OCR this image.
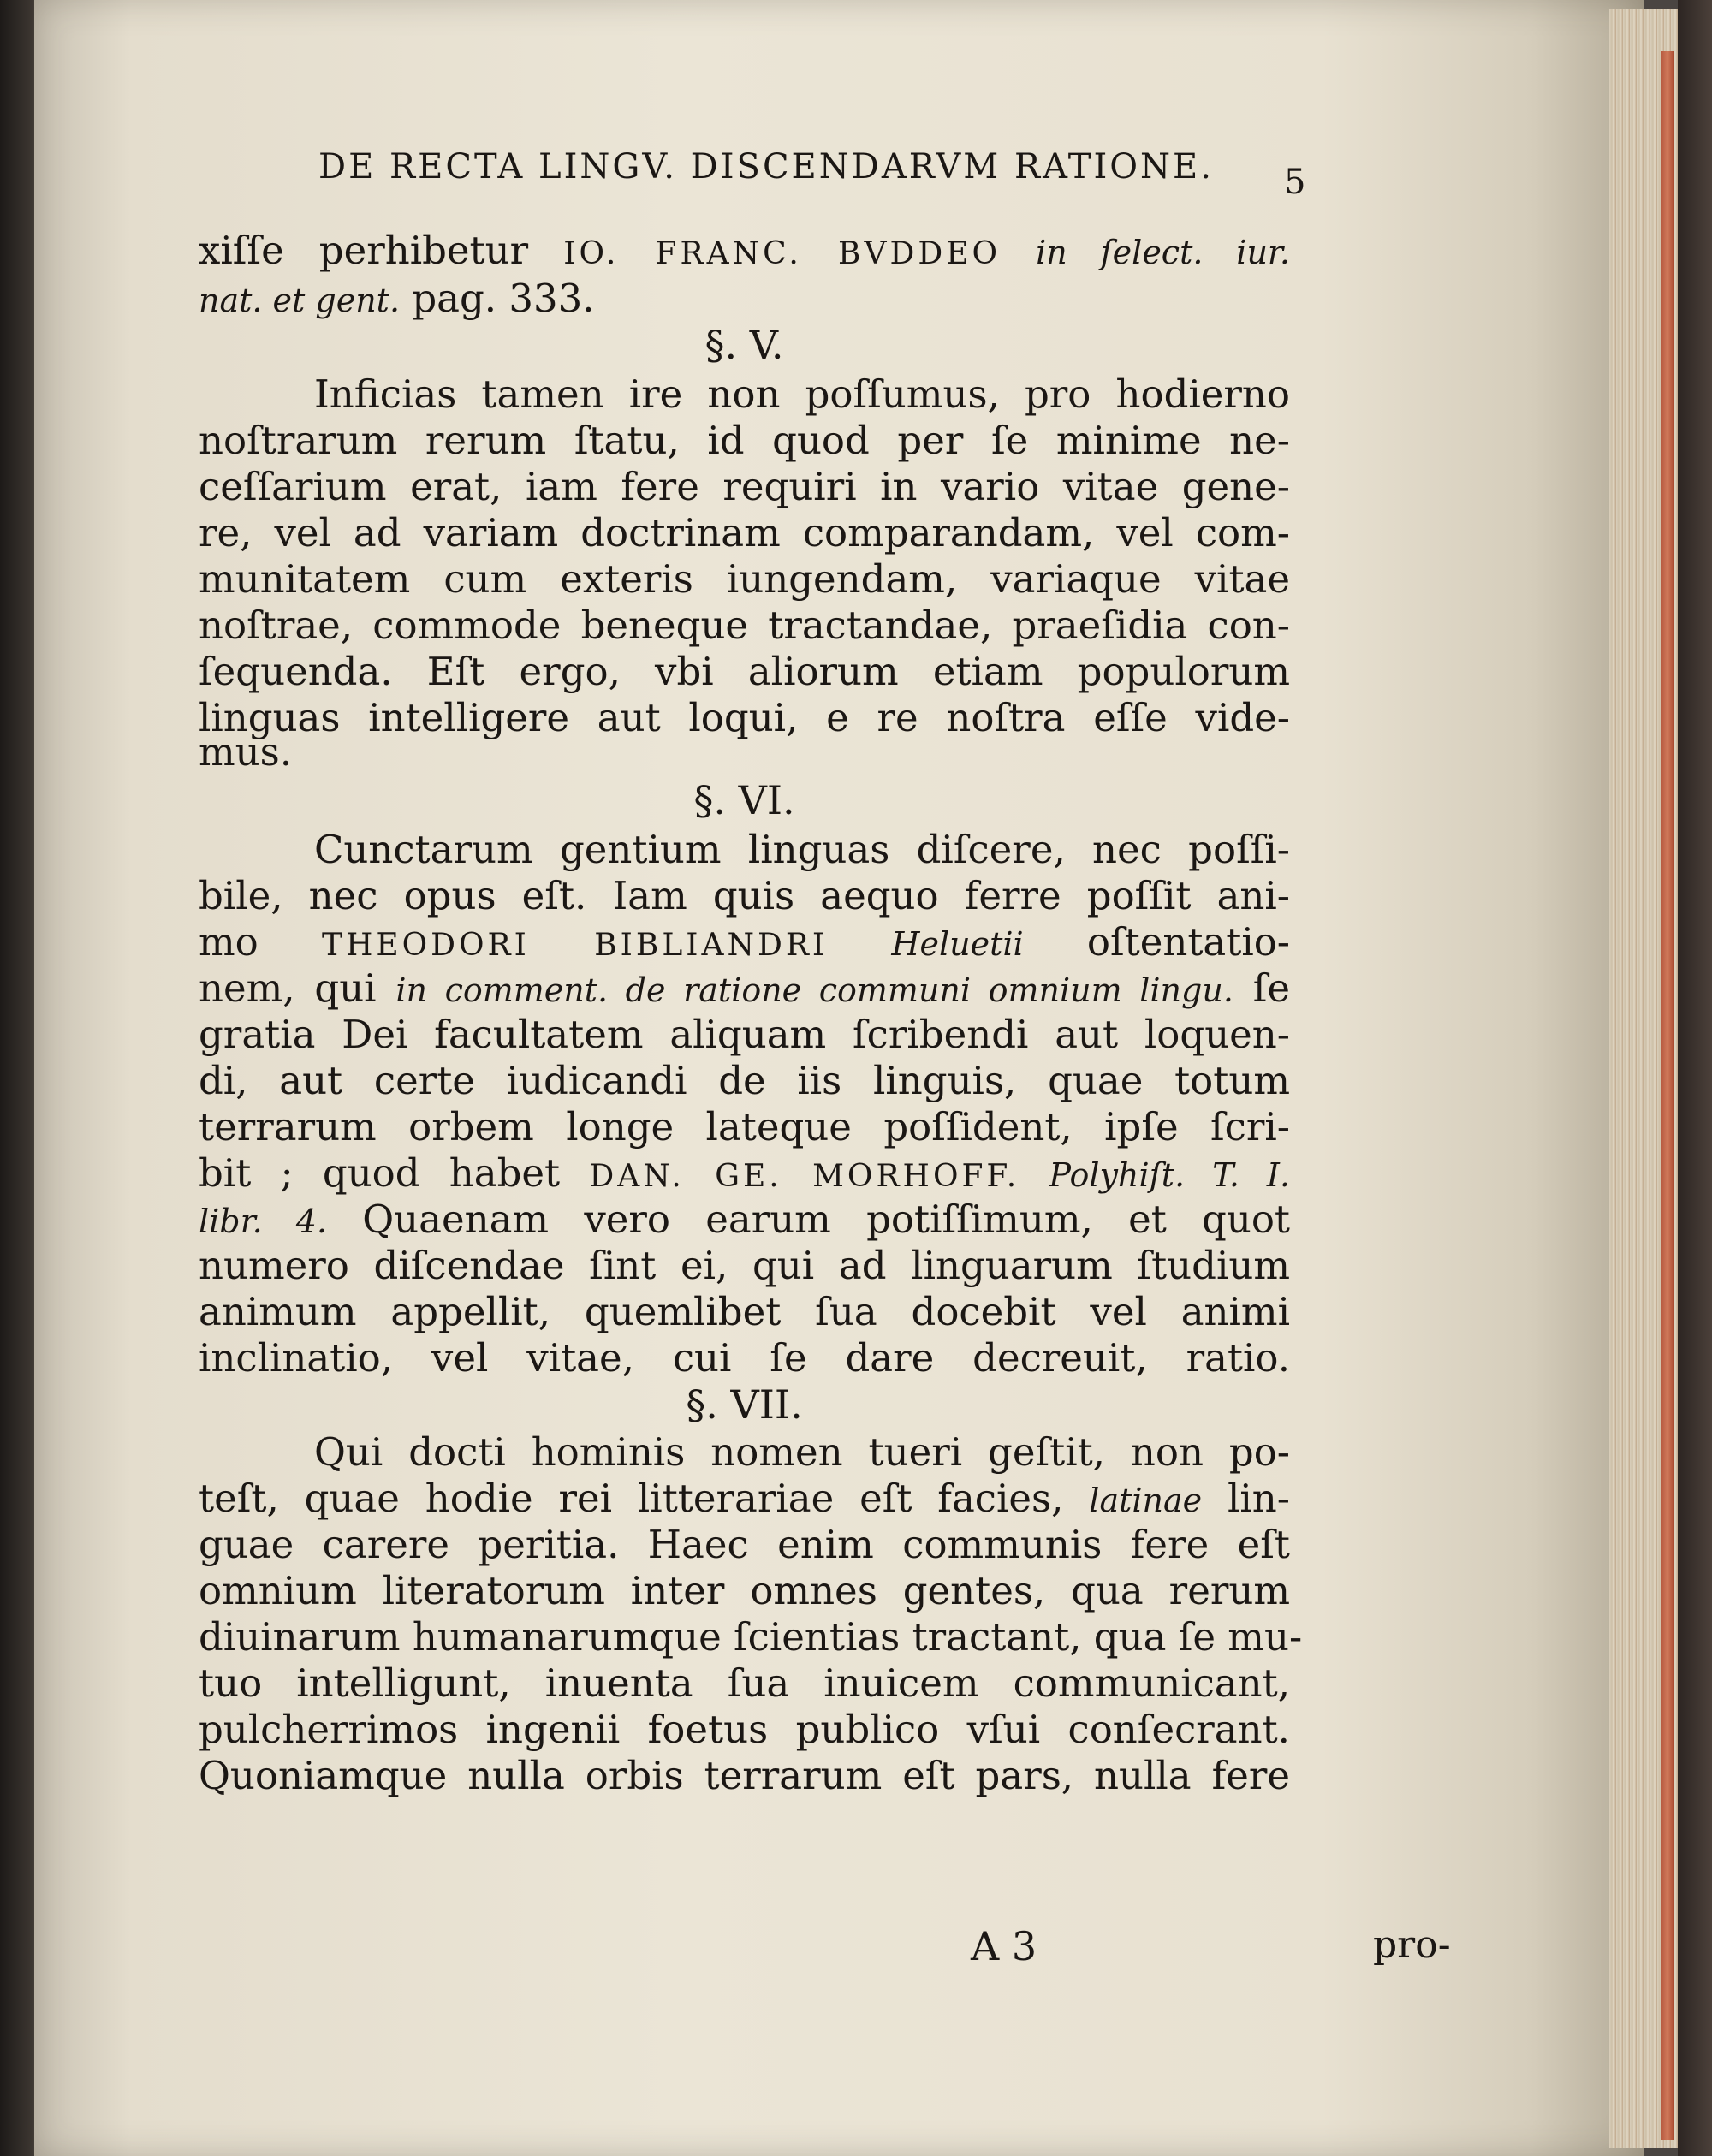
DE RECTA LINGV. DISCENDARVM RATIONE.	5
xiſſe perhibetur IO. FRANC. BVDDEO in ſelect. iur.
nat. et gent. pag. 333.
§. V.
Inficias tamen ire non poſſumus, pro hodierno
noſtrarum rerum ſtatu, id quod per ſe minime ne-
ceſſarium erat, iam fere requiri in vario vitae gene-
re, vel ad variam doctrinam comparandam, vel com-
munitatem cum exteris iungendam, variaque vitae
noſtrae, commode beneque tractandae, praeſidia con-
ſequenda. Eſt ergo, vbi aliorum etiam populorum
linguas intelligere aut loqui, e re noſtra eſſe vide-
mus.
§. VI.
Cunctarum gentium linguas diſcere, nec poſſi-
bile, nec opus eſt. Iam quis aequo ferre poſſit ani-
mo THEODORI BIBLIANDRI Heluetii oſtentatio-
nem, qui in comment. de ratione communi omnium lingu. ſe
gratia Dei facultatem aliquam ſcribendi aut loquen-
di, aut certe iudicandi de iis linguis, quae totum
terrarum orbem longe lateque poſſident, ipſe ſcri-
bit ; quod habet DAN. GE. MORHOFF. Polyhiſt. T. I.
libr. 4. Quaenam vero earum potiſſimum, et quot
numero diſcendae ſint ei, qui ad linguarum ſtudium
animum appellit, quemlibet ſua docebit vel animi
inclinatio, vel vitae, cui ſe dare decreuit, ratio.
§. VII.
Qui docti hominis nomen tueri geſtit, non po-
teſt, quae hodie rei litterariae eſt facies, latinae lin-
guae carere peritia. Haec enim communis fere eſt
omnium literatorum inter omnes gentes, qua rerum
diuinarum humanarumque ſcientias tractant, qua ſe mu-
tuo intelligunt, inuenta ſua inuicem communicant,
pulcherrimos ingenii foetus publico vſui conſecrant.
Quoniamque nulla orbis terrarum eſt pars, nulla fere
A 3	pro-
